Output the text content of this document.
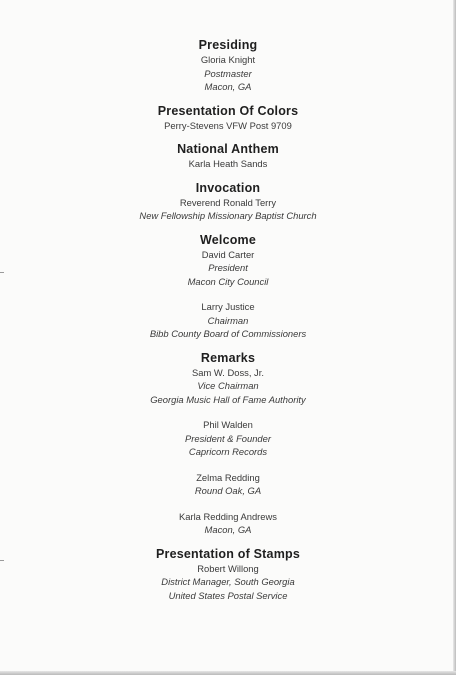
Presiding
Gloria Knight
Postmaster
Macon, GA
Presentation Of Colors
Perry-Stevens VFW Post 9709
National Anthem
Karla Heath Sands
Invocation
Reverend Ronald Terry
New Fellowship Missionary Baptist Church
Welcome
David Carter
President
Macon City Council
Larry Justice
Chairman
Bibb County Board of Commissioners
Remarks
Sam W. Doss, Jr.
Vice Chairman
Georgia Music Hall of Fame Authority
Phil Walden
President & Founder
Capricorn Records
Zelma Redding
Round Oak, GA
Karla Redding Andrews
Macon, GA
Presentation of Stamps
Robert Willong
District Manager, South Georgia
United States Postal Service
